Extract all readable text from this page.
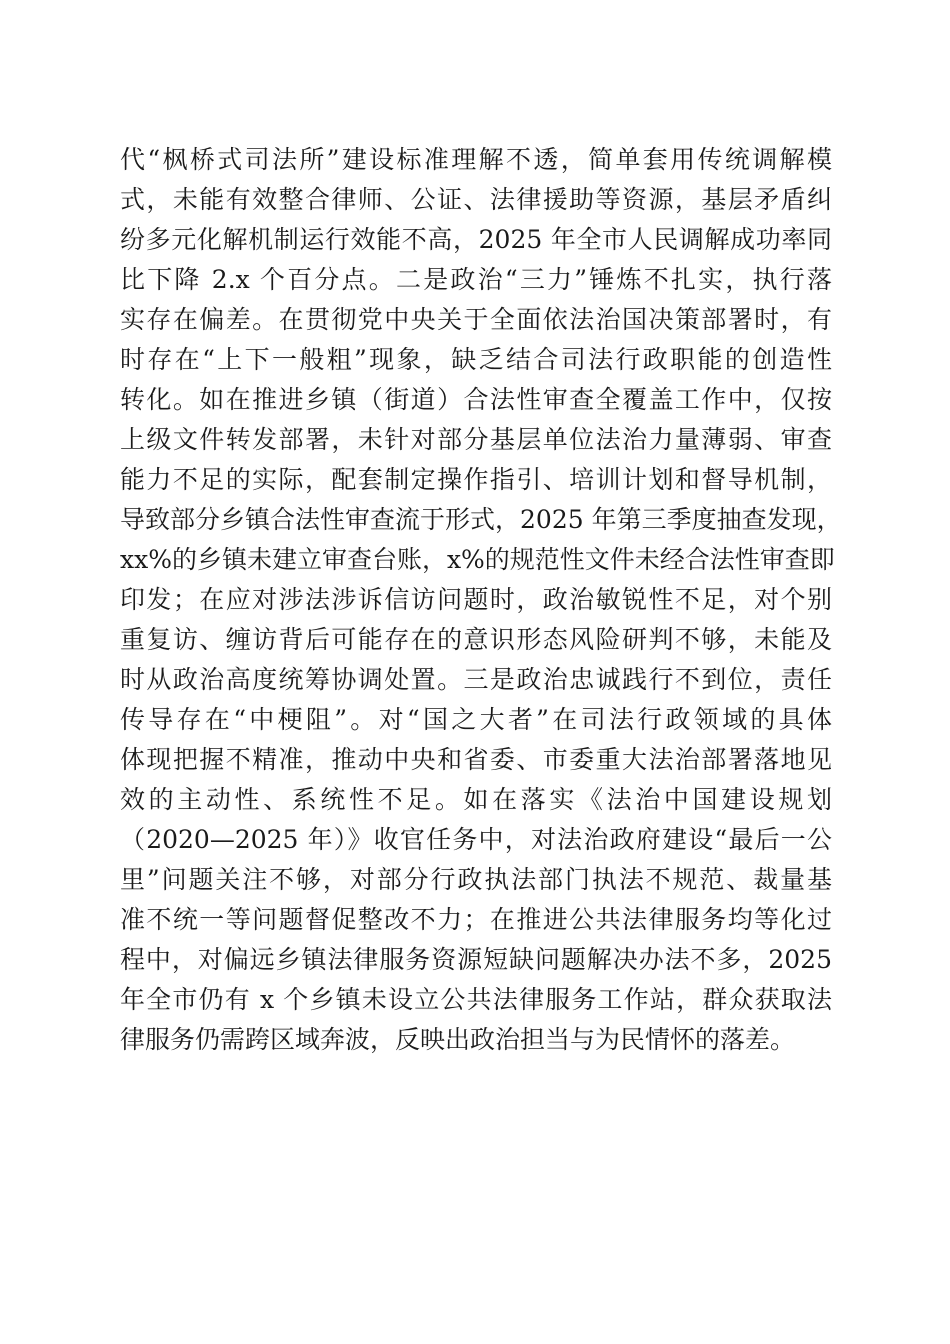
代“枫桥式司法所”建设标准理解不透，简单套用传统调解模
式，未能有效整合律师、公证、法律援助等资源，基层矛盾纠
纷多元化解机制运行效能不高，2025 年全市人民调解成功率同
比下降 2.x 个百分点。二是政治“三力”锤炼不扎实，执行落
实存在偏差。在贯彻党中央关于全面依法治国决策部署时，有
时存在“上下一般粗”现象，缺乏结合司法行政职能的创造性
转化。如在推进乡镇（街道）合法性审查全覆盖工作中，仅按
上级文件转发部署，未针对部分基层单位法治力量薄弱、审查
能力不足的实际，配套制定操作指引、培训计划和督导机制，
导致部分乡镇合法性审查流于形式，2025 年第三季度抽查发现，
xx%的乡镇未建立审查台账，x%的规范性文件未经合法性审查即
印发；在应对涉法涉诉信访问题时，政治敏锐性不足，对个别
重复访、缠访背后可能存在的意识形态风险研判不够，未能及
时从政治高度统筹协调处置。三是政治忠诚践行不到位，责任
传导存在“中梗阻”。对“国之大者”在司法行政领域的具体
体现把握不精准，推动中央和省委、市委重大法治部署落地见
效的主动性、系统性不足。如在落实《法治中国建设规划
（2020—2025 年）》收官任务中，对法治政府建设“最后一公
里”问题关注不够，对部分行政执法部门执法不规范、裁量基
准不统一等问题督促整改不力；在推进公共法律服务均等化过
程中，对偏远乡镇法律服务资源短缺问题解决办法不多，2025
年全市仍有 x 个乡镇未设立公共法律服务工作站，群众获取法
律服务仍需跨区域奔波，反映出政治担当与为民情怀的落差。
